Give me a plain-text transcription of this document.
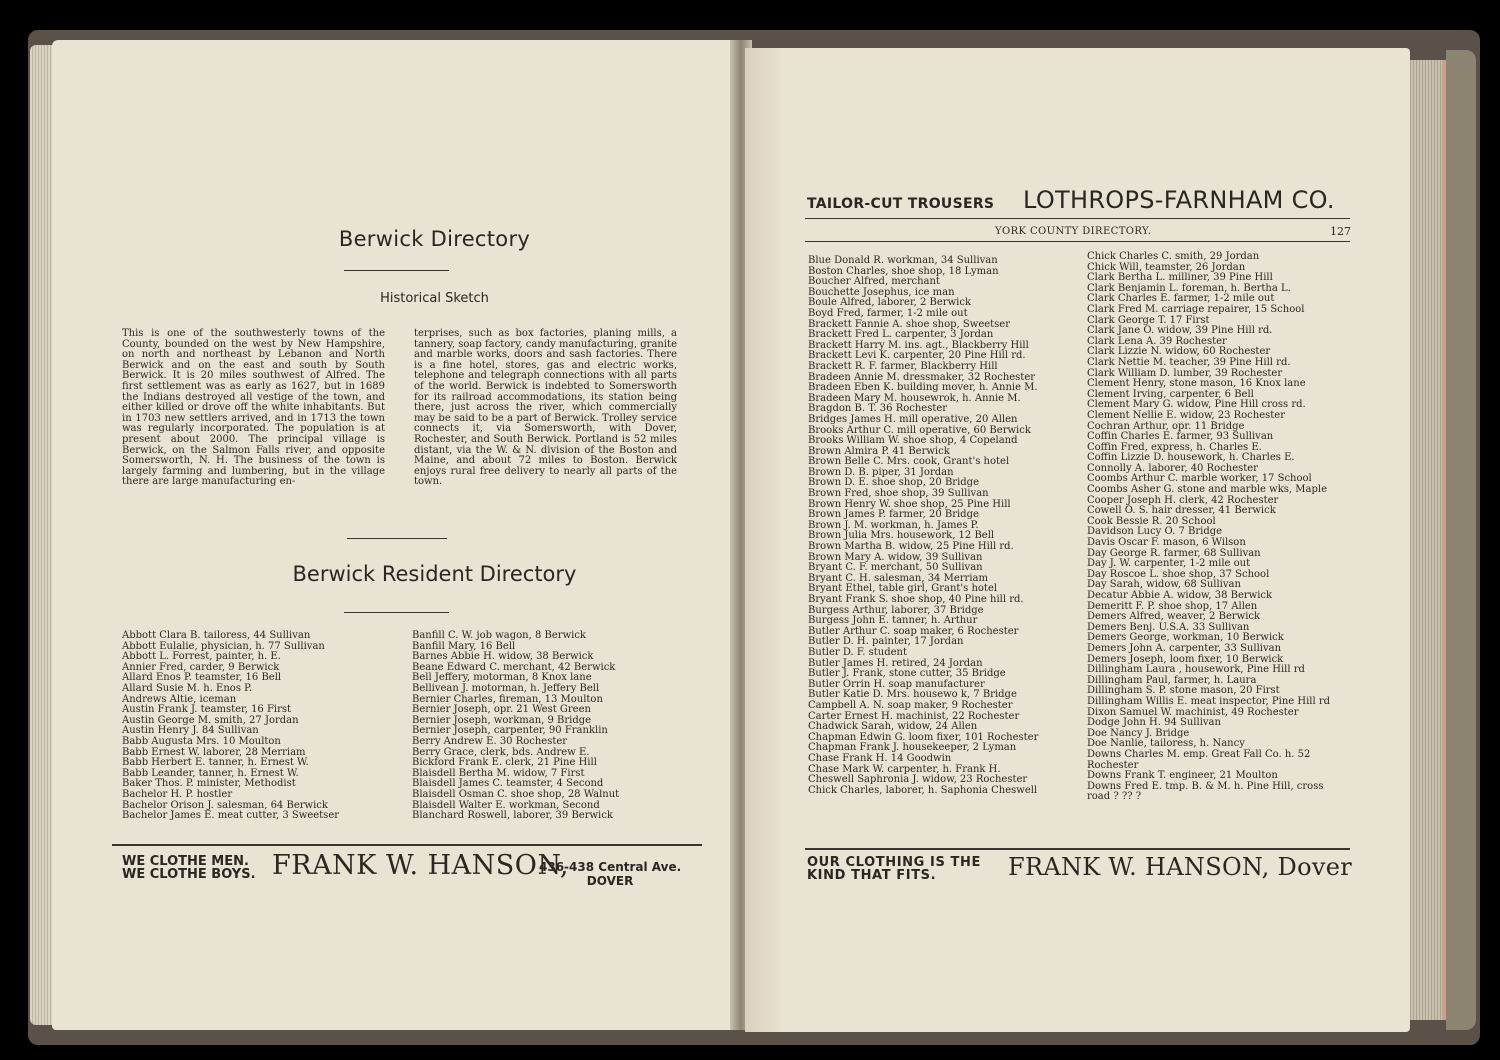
Berwick Directory
Historical Sketch

This is one of the southwesterly towns of the County, bounded on the west by New Hampshire, on north and northeast by Lebanon and North Berwick and on the east and south by South Berwick. It is 20 miles southwest of Alfred. The first settlement was as early as 1627, but in 1689 the Indians destroyed all vestige of the town, and either killed or drove off the white inhabitants. But in 1703 new settlers arrived, and in 1713 the town was regularly incorporated. The population is at present about 2000. The principal village is Berwick, on the Salmon Falls river, and opposite Somersworth, N. H. The business of the town is largely farming and lumbering, but in the village there are large manufacturing en-

terprises, such as box factories, planing mills, a tannery, soap factory, candy manufacturing, granite and marble works, doors and sash factories. There is a fine hotel, stores, gas and electric works, telephone and telegraph connections with all parts of the world. Berwick is indebted to Somersworth for its railroad accommodations, its station being there, just across the river, which commercially may be said to be a part of Berwick. Trolley service connects it, via Somersworth, with Dover, Rochester, and South Berwick. Portland is 52 miles distant, via the W. & N. division of the Boston and Maine, and about 72 miles to Boston. Berwick enjoys rural free delivery to nearly all parts of the town.

Berwick Resident Directory
Abbott Clara B. tailoress, 44 Sullivan
Abbott Eulalie, physician, h. 77 Sullivan
Abbott L. Forrest, painter, h. E.
Annier Fred, carder, 9 Berwick
Allard Enos P. teamster, 16 Bell
Allard Susie M. h. Enos P.
Andrews Altie, iceman
Austin Frank J. teamster, 16 First
Austin George M. smith, 27 Jordan
Austin Henry J. 84 Sullivan
Babb Augusta Mrs. 10 Moulton
Babb Ernest W. laborer, 28 Merriam
Babb Herbert E. tanner, h. Ernest W.
Babb Leander, tanner, h. Ernest W.
Baker Thos. P. minister, Methodist
Bachelor H. P. hostler
Bachelor Orison J. salesman, 64 Berwick
Bachelor James E. meat cutter, 3 Sweetser
Banfill C. W. job wagon, 8 Berwick
Banfill Mary, 16 Bell
Barnes Abbie H. widow, 38 Berwick
Beane Edward C. merchant, 42 Berwick
Bell Jeffery, motorman, 8 Knox lane
Bellivean J. motorman, h. Jeffery Bell
Bernier Charles, fireman, 13 Moulton
Bernier Joseph, opr. 21 West Green
Bernier Joseph, workman, 9 Bridge
Bernier Joseph, carpenter, 90 Franklin
Berry Andrew E. 30 Rochester
Berry Grace, clerk, bds. Andrew E.
Bickford Frank E. clerk, 21 Pine Hill
Blaisdell Bertha M. widow, 7 First
Blaisdell James C. teamster, 4 Second
Blaisdell Osman C. shoe shop, 28 Walnut
Blaisdell Walter E. workman, Second
Blanchard Roswell, laborer, 39 Berwick
WE CLOTHE MEN.
WE CLOTHE BOYS. FRANK W. HANSON,
436-438 Central Ave.
DOVER
TAILOR-CUT TROUSERS LOTHROPS-FARNHAM CO.
YORK COUNTY DIRECTORY.	127
Blue Donald R. workman, 34 Sullivan
Boston Charles, shoe shop, 18 Lyman
Boucher Alfred, merchant
Bouchette Josephus, ice man
Boule Alfred, laborer, 2 Berwick
Boyd Fred, farmer, 1-2 mile out
Brackett Fannie A. shoe shop, Sweetser
Brackett Fred L. carpenter, 3 Jordan
Brackett Harry M. ins. agt., Blackberry Hill
Brackett Levi K. carpenter, 20 Pine Hill rd.
Brackett R. F. farmer, Blackberry Hill
Bradeen Annie M. dressmaker, 32 Rochester
Bradeen Eben K. building mover, h. Annie M.
Bradeen Mary M. housewrok, h. Annie M.
Bragdon B. T. 36 Rochester
Bridges James H. mill operative, 20 Allen
Brooks Arthur C. mill operative, 60 Berwick
Brooks William W. shoe shop, 4 Copeland
Brown Almira P. 41 Berwick
Brown Belle C. Mrs. cook, Grant's hotel
Brown D. B. piper, 31 Jordan
Brown D. E. shoe shop, 20 Bridge
Brown Fred, shoe shop, 39 Sullivan
Brown Henry W. shoe shop, 25 Pine Hill
Brown James P. farmer, 20 Bridge
Brown J. M. workman, h. James P.
Brown Julia Mrs. housework, 12 Bell
Brown Martha B. widow, 25 Pine Hill rd.
Brown Mary A. widow, 39 Sullivan
Bryant C. F. merchant, 50 Sullivan
Bryant C. H. salesman, 34 Merriam
Bryant Ethel, table girl, Grant's hotel
Bryant Frank S. shoe shop, 40 Pine hill rd.
Burgess Arthur, laborer, 37 Bridge
Burgess John E. tanner, h. Arthur
Butler Arthur C. soap maker, 6 Rochester
Butler D. H. painter, 17 Jordan
Butler D. F. student
Butler James H. retired, 24 Jordan
Butler J. Frank, stone cutter, 35 Bridge
Butler Orrin H. soap manufacturer
Butler Katie D. Mrs. housewo k, 7 Bridge
Campbell A. N. soap maker, 9 Rochester
Carter Ernest H. machinist, 22 Rochester
Chadwick Sarah, widow, 24 Allen
Chapman Edwin G. loom fixer, 101 Rochester
Chapman Frank J. housekeeper, 2 Lyman
Chase Frank H. 14 Goodwin
Chase Mark W. carpenter, h. Frank H.
Cheswell Saphronia J. widow, 23 Rochester
Chick Charles, laborer, h. Saphonia Cheswell
Chick Charles C. smith, 29 Jordan
Chick Will, teamster, 26 Jordan
Clark Bertha L. milliner, 39 Pine Hill
Clark Benjamin L. foreman, h. Bertha L.
Clark Charles E. farmer, 1-2 mile out
Clark Fred M. carriage repairer, 15 School
Clark George T. 17 First
Clark Jane O. widow, 39 Pine Hill rd.
Clark Lena A. 39 Rochester
Clark Lizzie N. widow, 60 Rochester
Clark Nettie M. teacher, 39 Pine Hill rd.
Clark William D. lumber, 39 Rochester
Clement Henry, stone mason, 16 Knox lane
Clement Irving, carpenter, 6 Bell
Clement Mary G. widow, Pine Hill cross rd.
Clement Nellie E. widow, 23 Rochester
Cochran Arthur, opr. 11 Bridge
Coffin Charles E. farmer, 93 Sullivan
Coffin Fred, express, h. Charles E.
Coffin Lizzie D. housework, h. Charles E.
Connolly A. laborer, 40 Rochester
Coombs Arthur C. marble worker, 17 School
Coombs Asher G. stone and marble wks, Maple
Cooper Joseph H. clerk, 42 Rochester
Cowell O. S. hair dresser, 41 Berwick
Cook Bessie R. 20 School
Davidson Lucy O. 7 Bridge
Davis Oscar F. mason, 6 Wilson
Day George R. farmer, 68 Sullivan
Day J. W. carpenter, 1-2 mile out
Day Roscoe L. shoe shop, 37 School
Day Sarah, widow, 68 Sullivan
Decatur Abbie A. widow, 38 Berwick
Demeritt F. P. shoe shop, 17 Allen
Demers Alfred, weaver, 2 Berwick
Demers Benj. U.S.A. 33 Sullivan
Demers George, workman, 10 Berwick
Demers John A. carpenter, 33 Sullivan
Demers Joseph, loom fixer, 10 Berwick
Dillingham Laura , housework, Pine Hill rd
Dillingham Paul, farmer, h. Laura
Dillingham S. P. stone mason, 20 First
Dillingham Willis E. meat inspector, Pine Hill rd
Dixon Samuel W. machinist, 49 Rochester
Dodge John H. 94 Sullivan
Doe Nancy J. Bridge
Doe Nanlie, tailoress, h. Nancy
Downs Charles M. emp. Great Fall Co. h. 52
Rochester
Downs Frank T. engineer, 21 Moulton
Downs Fred E. tmp. B. & M. h. Pine Hill, cross
road ? ?? ?
OUR CLOTHING IS THE
KIND THAT FITS.	FRANK W. HANSON, Dover
